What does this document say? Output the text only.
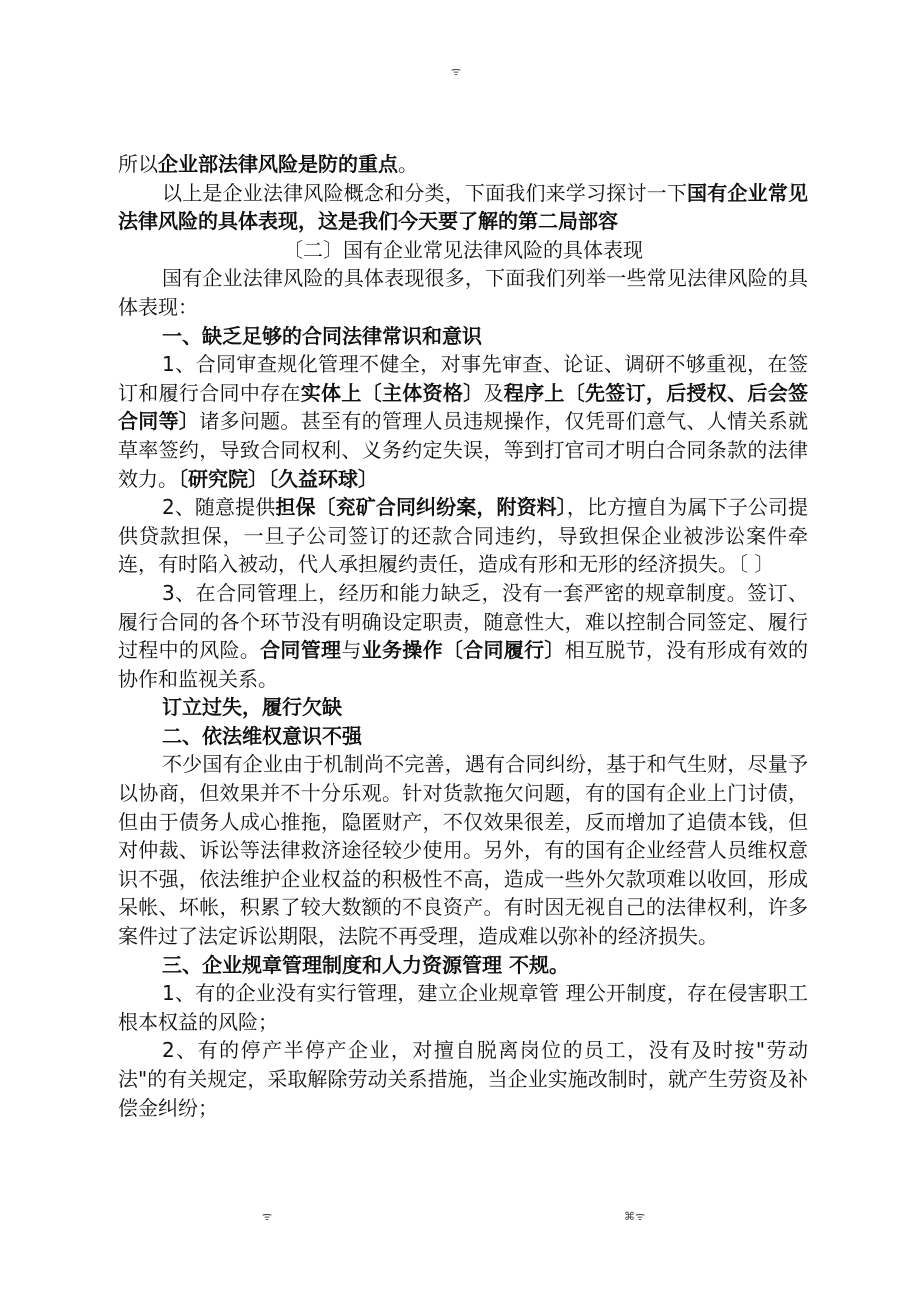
ᯤ

所以企业部法律风险是防的重点。

以上是企业法律风险概念和分类，下面我们来学习探讨一下国有企业常见法律风险的具体表现，这是我们今天要了解的第二局部容

〔二〕国有企业常见法律风险的具体表现

国有企业法律风险的具体表现很多，下面我们列举一些常见法律风险的具体表现：

一、缺乏足够的合同法律常识和意识

1、合同审查规化管理不健全，对事先审查、论证、调研不够重视，在签订和履行合同中存在实体上〔主体资格〕及程序上〔先签订，后授权、后会签合同等〕诸多问题。甚至有的管理人员违规操作，仅凭哥们意气、人情关系就草率签约，导致合同权利、义务约定失误，等到打官司才明白合同条款的法律效力。〔研究院〕〔久益环球〕

2、随意提供担保〔兖矿合同纠纷案，附资料〕，比方擅自为属下子公司提供贷款担保，一旦子公司签订的还款合同违约，导致担保企业被涉讼案件牵连，有时陷入被动，代人承担履约责任，造成有形和无形的经济损失。〔 〕

3、在合同管理上，经历和能力缺乏，没有一套严密的规章制度。签订、履行合同的各个环节没有明确设定职责，随意性大，难以控制合同签定、履行过程中的风险。合同管理与业务操作〔合同履行〕相互脱节，没有形成有效的协作和监视关系。

订立过失，履行欠缺

二、依法维权意识不强

不少国有企业由于机制尚不完善，遇有合同纠纷，基于和气生财，尽量予以协商，但效果并不十分乐观。针对货款拖欠问题，有的国有企业上门讨债，但由于债务人成心推拖，隐匿财产，不仅效果很差，反而增加了追债本钱，但对仲裁、诉讼等法律救济途径较少使用。另外，有的国有企业经营人员维权意识不强，依法维护企业权益的积极性不高，造成一些外欠款项难以收回，形成呆帐、坏帐，积累了较大数额的不良资产。有时因无视自己的法律权利，许多案件过了法定诉讼期限，法院不再受理，造成难以弥补的经济损失。

三、企业规章管理制度和人力资源管理 不规。

1、有的企业没有实行管理，建立企业规章管 理公开制度，存在侵害职工根本权益的风险；

2、有的停产半停产企业，对擅自脱离岗位的员工，没有及时按"劳动法"的有关规定，采取解除劳动关系措施，当企业实施改制时，就产生劳资及补偿金纠纷；

ᯤ	⌘ᯤ
